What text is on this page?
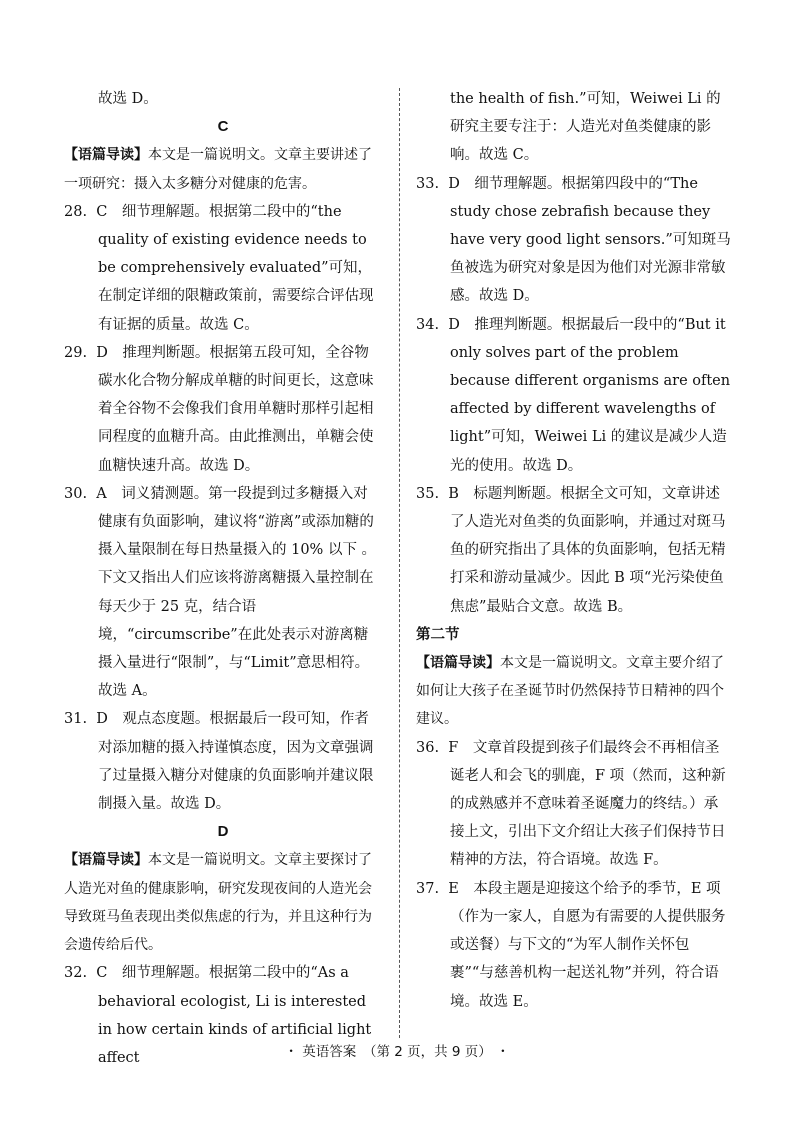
故选 D。

C

【语篇导读】本文是一篇说明文。文章主要讲述了一项研究：摄入太多糖分对健康的危害。

28. C　细节理解题。根据第二段中的“the quality of existing evidence needs to be comprehensively evaluated”可知，在制定详细的限糖政策前，需要综合评估现有证据的质量。故选 C。

29. D　推理判断题。根据第五段可知，全谷物碳水化合物分解成单糖的时间更长，这意味着全谷物不会像我们食用单糖时那样引起相同程度的血糖升高。由此推测出，单糖会使血糖快速升高。故选 D。

30. A　词义猜测题。第一段提到过多糖摄入对健康有负面影响，建议将“游离”或添加糖的摄入量限制在每日热量摄入的 10% 以下 。下文又指出人们应该将游离糖摄入量控制在每天少于 25 克，结合语境，“circumscribe”在此处表示对游离糖摄入量进行“限制”，与“Limit”意思相符。故选 A。

31. D　观点态度题。根据最后一段可知，作者对添加糖的摄入持谨慎态度，因为文章强调了过量摄入糖分对健康的负面影响并建议限制摄入量。故选 D。

D

【语篇导读】本文是一篇说明文。文章主要探讨了人造光对鱼的健康影响，研究发现夜间的人造光会导致斑马鱼表现出类似焦虑的行为，并且这种行为会遗传给后代。

32. C　细节理解题。根据第二段中的“As a behavioral ecologist, Li is interested in how certain kinds of artificial light affect

the health of fish.”可知，Weiwei Li 的研究主要专注于：人造光对鱼类健康的影响。故选 C。

33. D　细节理解题。根据第四段中的“The study chose zebrafish because they have very good light sensors.”可知斑马鱼被选为研究对象是因为他们对光源非常敏感。故选 D。

34. D　推理判断题。根据最后一段中的“But it only solves part of the problem because different organisms are often affected by different wavelengths of light”可知，Weiwei Li 的建议是减少人造光的使用。故选 D。

35. B　标题判断题。根据全文可知，文章讲述了人造光对鱼类的负面影响，并通过对斑马鱼的研究指出了具体的负面影响，包括无精打采和游动量减少。因此 B 项“光污染使鱼焦虑”最贴合文意。故选 B。

第二节

【语篇导读】本文是一篇说明文。文章主要介绍了如何让大孩子在圣诞节时仍然保持节日精神的四个建议。

36. F　文章首段提到孩子们最终会不再相信圣诞老人和会飞的驯鹿，F 项（然而，这种新的成熟感并不意味着圣诞魔力的终结。）承接上文，引出下文介绍让大孩子们保持节日精神的方法，符合语境。故选 F。

37. E　本段主题是迎接这个给予的季节，E 项（作为一家人，自愿为有需要的人提供服务或送餐）与下文的“为军人制作关怀包裹”“与慈善机构一起送礼物”并列，符合语境。故选 E。

・ 英语答案　（第 2 页，共 9 页） ・
